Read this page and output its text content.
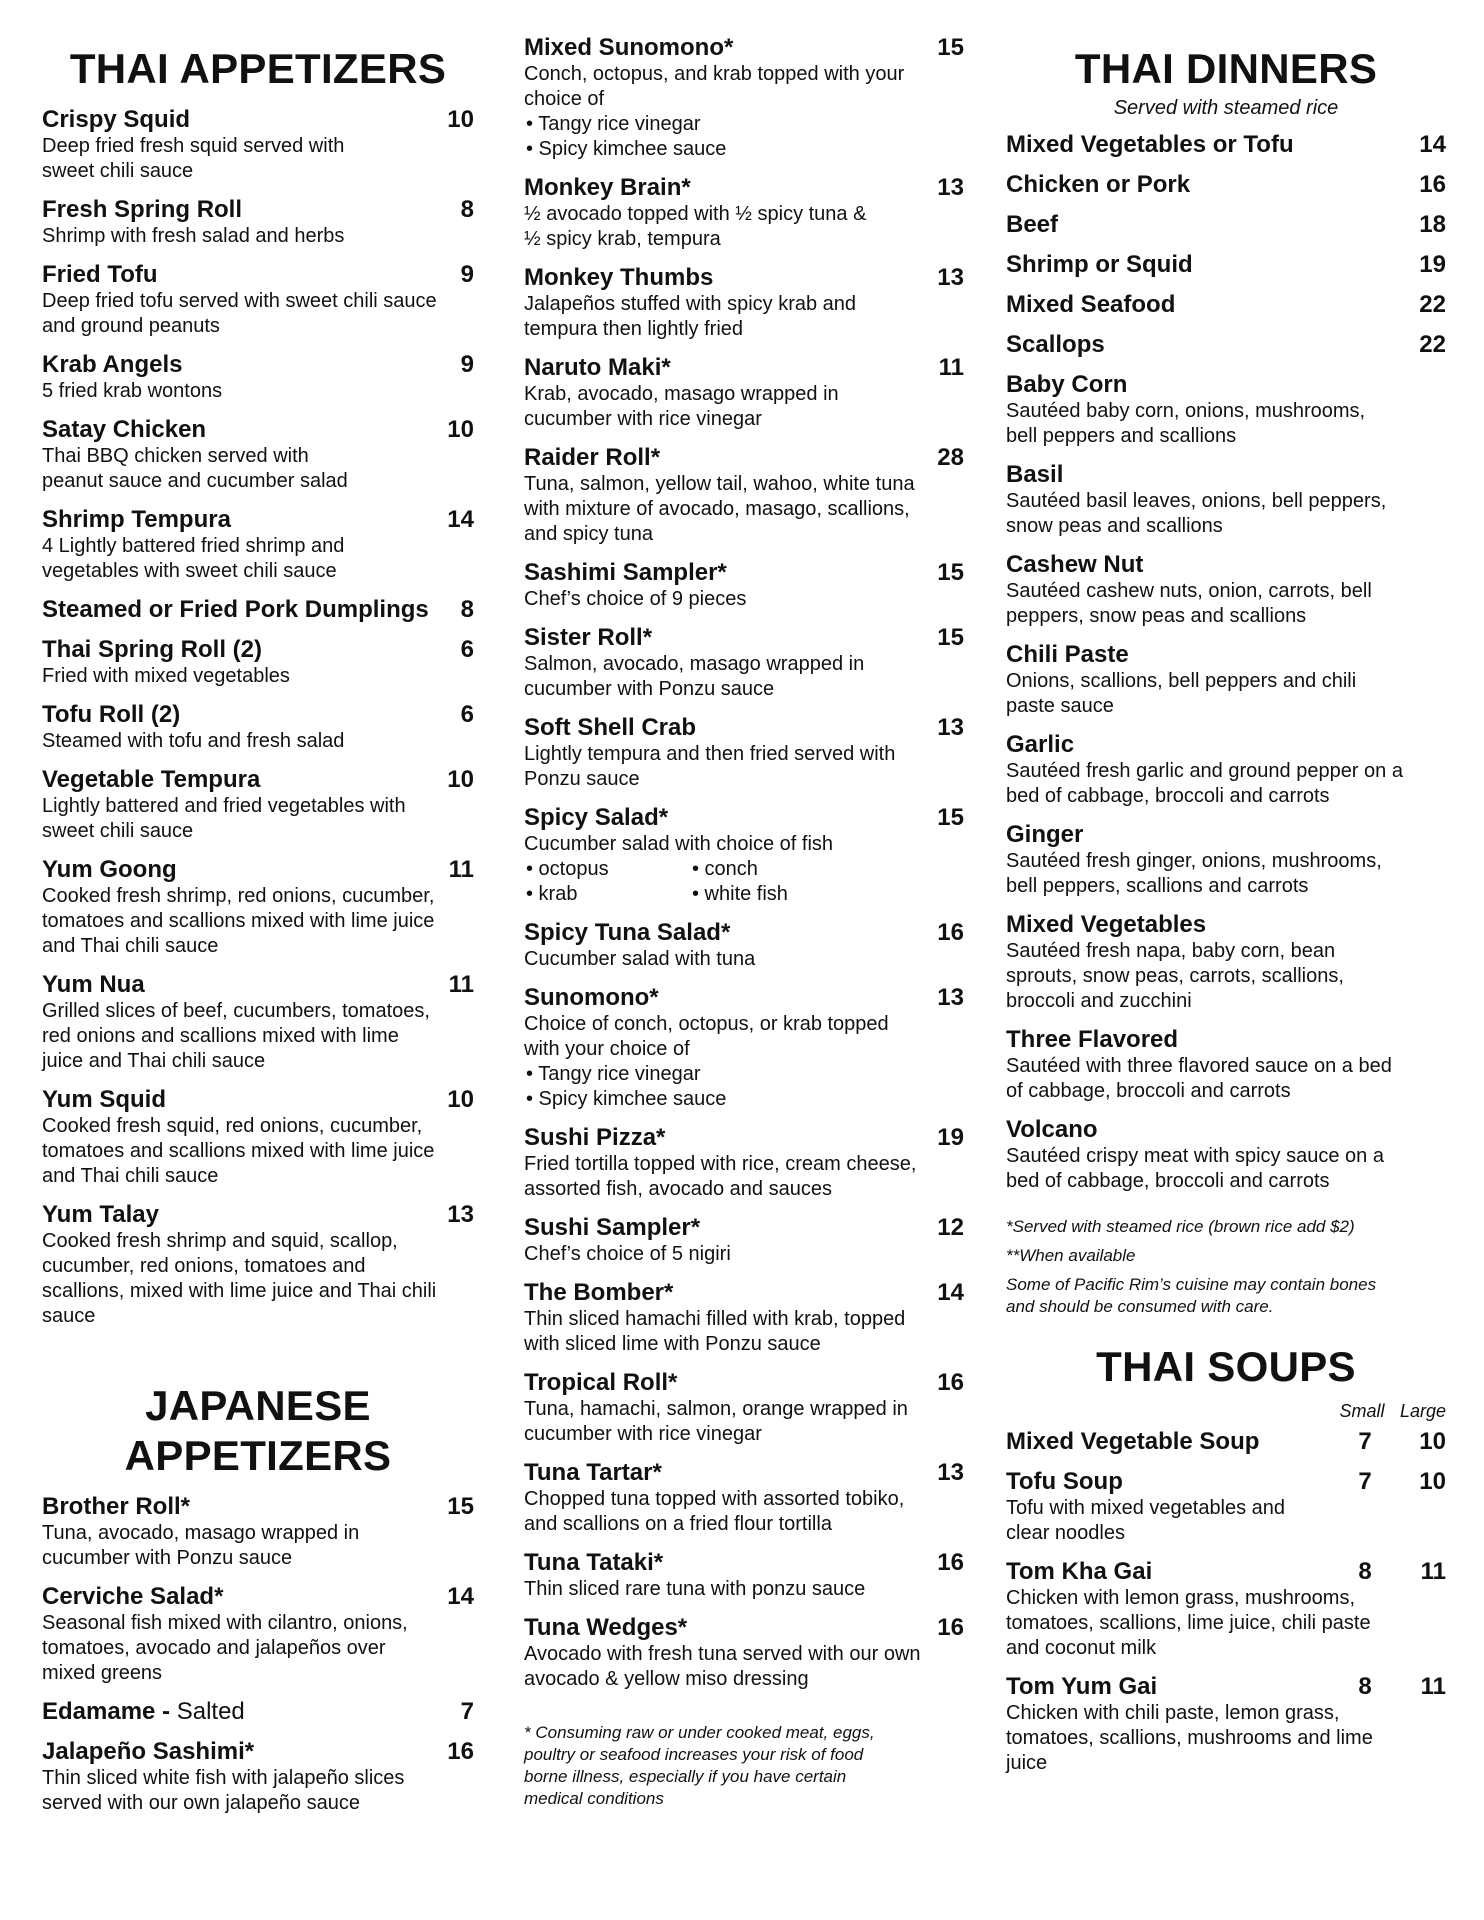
THAI APPETIZERS
Crispy Squid	10
Deep fried fresh squid served with
sweet chili sauce
Fresh Spring Roll	8
Shrimp with fresh salad and herbs
Fried Tofu	9
Deep fried tofu served with sweet chili sauce
and ground peanuts
Krab Angels	9
5 fried krab wontons
Satay Chicken	10
Thai BBQ chicken served with
peanut sauce and cucumber salad
Shrimp Tempura	14
4 Lightly battered fried shrimp and
vegetables with sweet chili sauce
Steamed or Fried Pork Dumplings 8
Thai Spring Roll (2)	6
Fried with mixed vegetables
Tofu Roll (2)	6
Steamed with tofu and fresh salad
Vegetable Tempura	10
Lightly battered and fried vegetables with
sweet chili sauce
Yum Goong	11
Cooked fresh shrimp, red onions, cucumber,
tomatoes and scallions mixed with lime juice
and Thai chili sauce
Yum Nua	11
Grilled slices of beef, cucumbers, tomatoes,
red onions and scallions mixed with lime
juice and Thai chili sauce
Yum Squid	10
Cooked fresh squid, red onions, cucumber,
tomatoes and scallions mixed with lime juice
and Thai chili sauce
Yum Talay	13
Cooked fresh shrimp and squid, scallop,
cucumber, red onions, tomatoes and
scallions, mixed with lime juice and Thai chili
sauce
JAPANESE
APPETIZERS
Brother Roll*	15
Tuna, avocado, masago wrapped in
cucumber with Ponzu sauce
Cerviche Salad*	14
Seasonal fish mixed with cilantro, onions,
tomatoes, avocado and jalapeños over
mixed greens
Edamame - Salted	7
Jalapeño Sashimi*	16
Thin sliced white fish with jalapeño slices
served with our own jalapeño sauce
Mixed Sunomono*	15
Conch, octopus, and krab topped with your
choice of
• Tangy rice vinegar
• Spicy kimchee sauce
Monkey Brain*	13
½ avocado topped with ½ spicy tuna &
½ spicy krab, tempura
Monkey Thumbs	13
Jalapeños stuffed with spicy krab and
tempura then lightly fried
Naruto Maki*	11
Krab, avocado, masago wrapped in
cucumber with rice vinegar
Raider Roll*	28
Tuna, salmon, yellow tail, wahoo, white tuna
with mixture of avocado, masago, scallions,
and spicy tuna
Sashimi Sampler*	15
Chef’s choice of 9 pieces
Sister Roll*	15
Salmon, avocado, masago wrapped in
cucumber with Ponzu sauce
Soft Shell Crab	13
Lightly tempura and then fried served with
Ponzu sauce
Spicy Salad*	15
Cucumber salad with choice of fish
• octopus	• conch
• krab	• white fish
Spicy Tuna Salad*	16
Cucumber salad with tuna
Sunomono*	13
Choice of conch, octopus, or krab topped
with your choice of
• Tangy rice vinegar
• Spicy kimchee sauce
Sushi Pizza*	19
Fried tortilla topped with rice, cream cheese,
assorted fish, avocado and sauces
Sushi Sampler*	12
Chef’s choice of 5 nigiri
The Bomber*	14
Thin sliced hamachi filled with krab, topped
with sliced lime with Ponzu sauce
Tropical Roll*	16
Tuna, hamachi, salmon, orange wrapped in
cucumber with rice vinegar
Tuna Tartar*	13
Chopped tuna topped with assorted tobiko,
and scallions on a fried flour tortilla
Tuna Tataki*	16
Thin sliced rare tuna with ponzu sauce
Tuna Wedges*	16
Avocado with fresh tuna served with our own
avocado & yellow miso dressing
* Consuming raw or under cooked meat, eggs,
poultry or seafood increases your risk of food
borne illness, especially if you have certain
medical conditions
THAI DINNERS
Served with steamed rice
Mixed Vegetables or Tofu	14
Chicken or Pork	16
Beef	18
Shrimp or Squid	19
Mixed Seafood	22
Scallops	22
Baby Corn
Sautéed baby corn, onions, mushrooms,
bell peppers and scallions
Basil
Sautéed basil leaves, onions, bell peppers,
snow peas and scallions
Cashew Nut
Sautéed cashew nuts, onion, carrots, bell
peppers, snow peas and scallions
Chili Paste
Onions, scallions, bell peppers and chili
paste sauce
Garlic
Sautéed fresh garlic and ground pepper on a
bed of cabbage, broccoli and carrots
Ginger
Sautéed fresh ginger, onions, mushrooms,
bell peppers, scallions and carrots
Mixed Vegetables
Sautéed fresh napa, baby corn, bean
sprouts, snow peas, carrots, scallions,
broccoli and zucchini
Three Flavored
Sautéed with three flavored sauce on a bed
of cabbage, broccoli and carrots
Volcano
Sautéed crispy meat with spicy sauce on a
bed of cabbage, broccoli and carrots
*Served with steamed rice (brown rice add $2)
**When available
Some of Pacific Rim’s cuisine may contain bones
and should be consumed with care.
THAI SOUPS
Small Large
Mixed Vegetable Soup	7	10
Tofu Soup	7	10
Tofu with mixed vegetables and
clear noodles
Tom Kha Gai	8	11
Chicken with lemon grass, mushrooms,
tomatoes, scallions, lime juice, chili paste
and coconut milk
Tom Yum Gai	8	11
Chicken with chili paste, lemon grass,
tomatoes, scallions, mushrooms and lime
juice
